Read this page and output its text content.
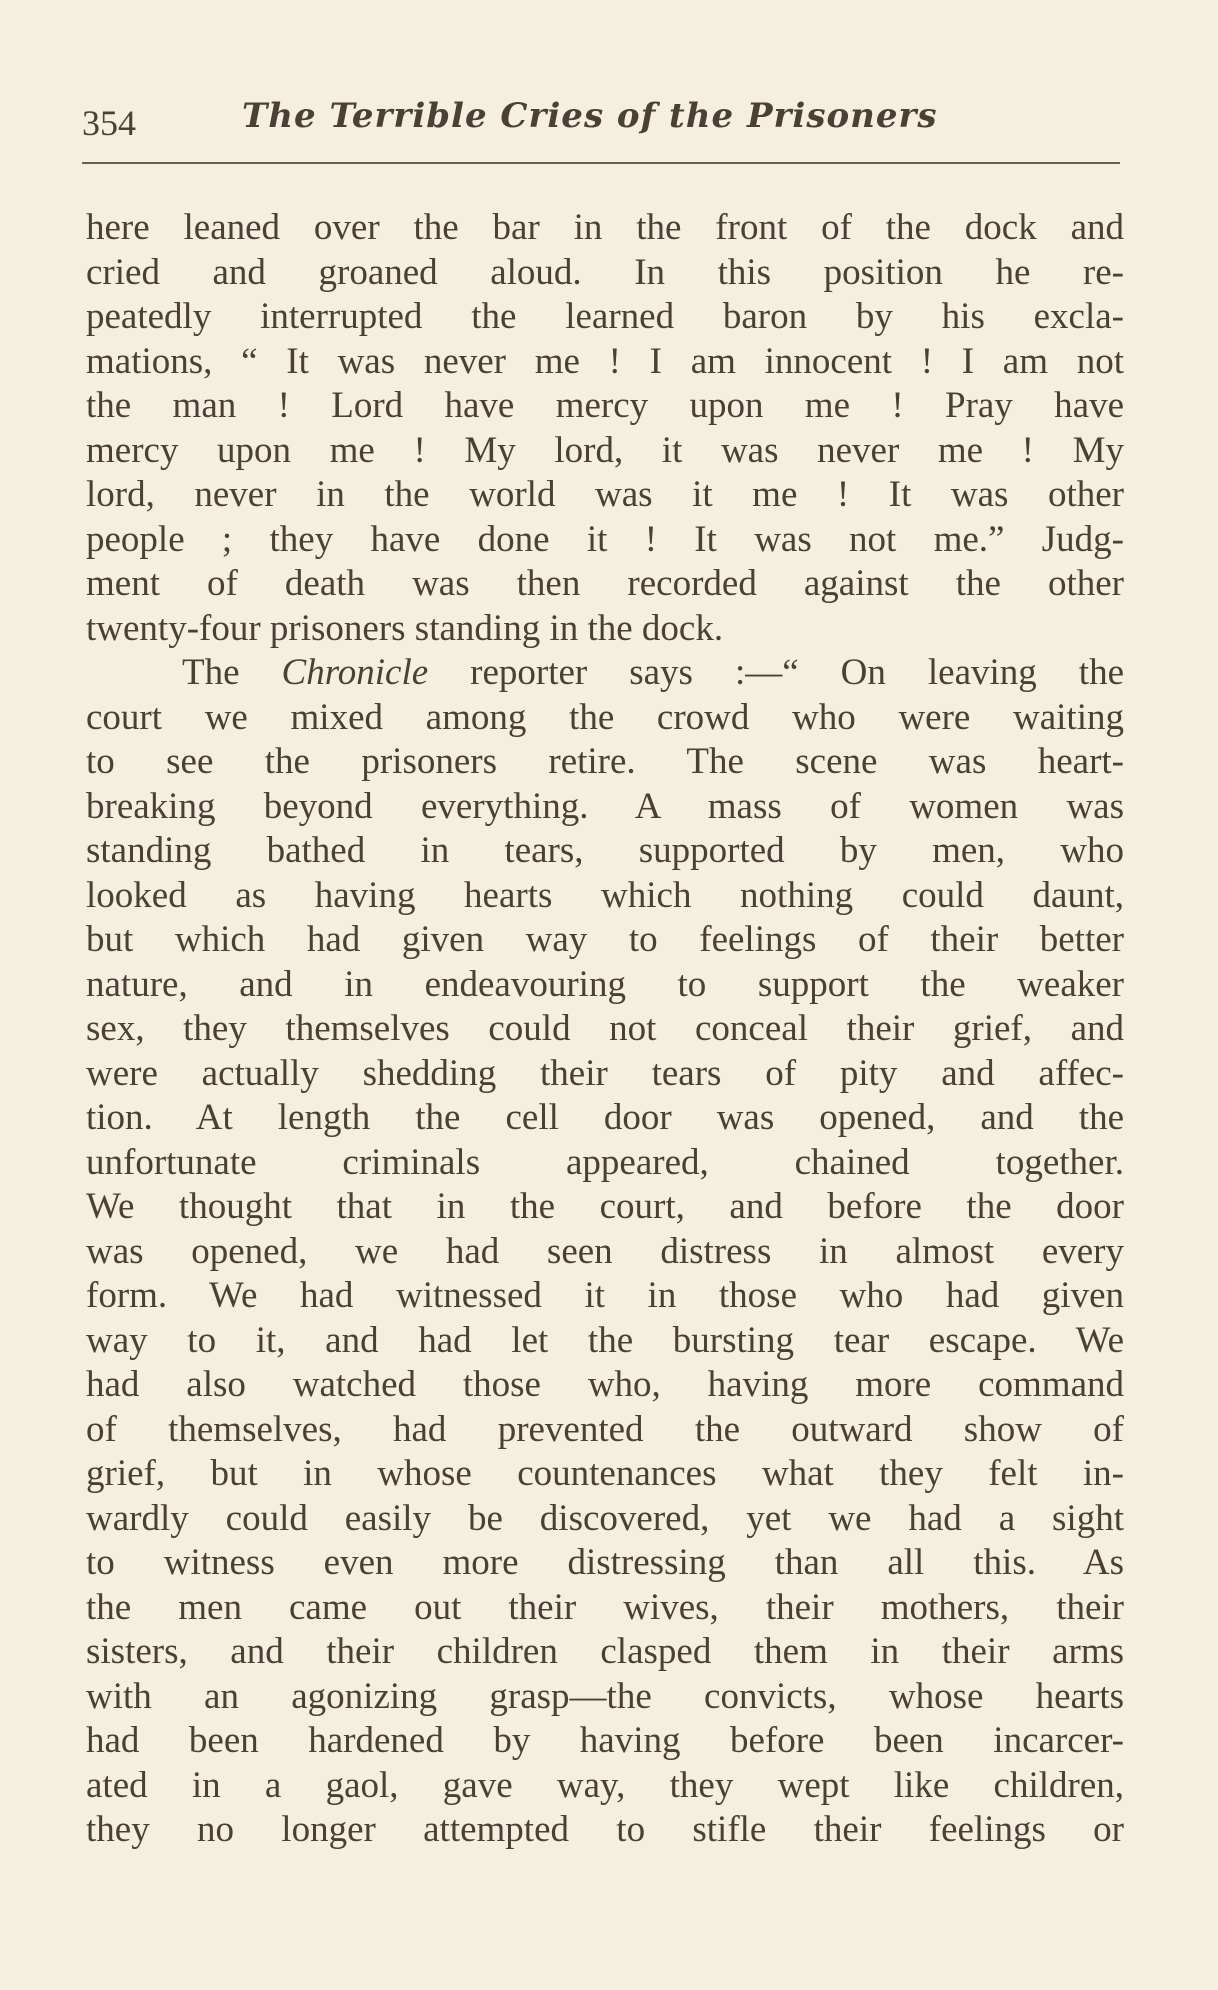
354	The Terrible Cries of the Prisoners
here leaned over the bar in the front of the dock and
cried and groaned aloud. In this position he re-
peatedly interrupted the learned baron by his excla-
mations, “ It was never me ! I am innocent ! I am not
the man ! Lord have mercy upon me ! Pray have
mercy upon me ! My lord, it was never me ! My
lord, never in the world was it me ! It was other
people ; they have done it ! It was not me.” Judg-
ment of death was then recorded against the other
twenty-four prisoners standing in the dock.
The Chronicle reporter says :—“ On leaving the
court we mixed among the crowd who were waiting
to see the prisoners retire. The scene was heart-
breaking beyond everything. A mass of women was
standing bathed in tears, supported by men, who
looked as having hearts which nothing could daunt,
but which had given way to feelings of their better
nature, and in endeavouring to support the weaker
sex, they themselves could not conceal their grief, and
were actually shedding their tears of pity and affec-
tion. At length the cell door was opened, and the
unfortunate criminals appeared, chained together.
We thought that in the court, and before the door
was opened, we had seen distress in almost every
form. We had witnessed it in those who had given
way to it, and had let the bursting tear escape. We
had also watched those who, having more command
of themselves, had prevented the outward show of
grief, but in whose countenances what they felt in-
wardly could easily be discovered, yet we had a sight
to witness even more distressing than all this. As
the men came out their wives, their mothers, their
sisters, and their children clasped them in their arms
with an agonizing grasp—the convicts, whose hearts
had been hardened by having before been incarcer-
ated in a gaol, gave way, they wept like children,
they no longer attempted to stifle their feelings or
